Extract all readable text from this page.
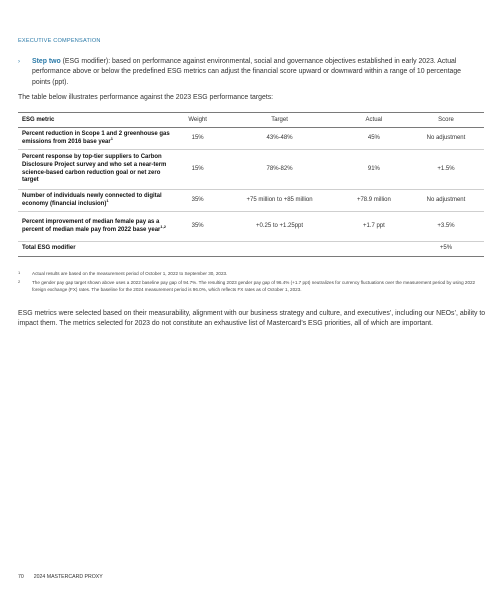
EXECUTIVE COMPENSATION
› Step two (ESG modifier): based on performance against environmental, social and governance objectives established in early 2023. Actual performance above or below the predefined ESG metrics can adjust the financial score upward or downward within a range of 10 percentage points (ppt).
The table below illustrates performance against the 2023 ESG performance targets:
ESG metric	Weight	Target	Actual	Score
Percent reduction in Scope 1 and 2 greenhouse gas emissions from 2016 base year$^1$	15%	43%-48%	45%	No adjustment
Percent response by top-tier suppliers to Carbon Disclosure Project survey and who set a near-term science-based carbon reduction goal or net zero target	15%	78%-82%	91%	+1.5%
Number of individuals newly connected to digital economy (financial inclusion)$^1$	35%	+75 million to +85 million	+78.9 million	No adjustment
Percent improvement of median female pay as a percent of median male pay from 2022 base year$^{1,2}$	35%	+0.25 to +1.25ppt	+1.7 ppt	+3.5%
Total ESG modifier				+5%
1	Actual results are based on the measurement period of October 1, 2022 to September 30, 2023.
2	The gender pay gap target shown above uses a 2022 baseline pay gap of 94.7%. The resulting 2023 gender pay gap of 96.4% (+1.7 ppt) neutralizes for currency fluctuations over the measurement period by using 2022 foreign exchange (FX) rates. The baseline for the 2024 measurement period is 96.0%, which reflects FX rates as of October 1, 2023.
ESG metrics were selected based on their measurability, alignment with our business strategy and culture, and executives’, including our NEOs’, ability to impact them. The metrics selected for 2023 do not constitute an exhaustive list of Mastercard’s ESG priorities, all of which are important.
70 2024 MASTERCARD PROXY
